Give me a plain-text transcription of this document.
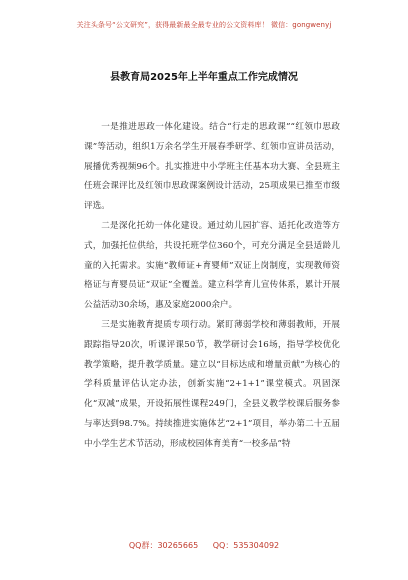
关注头条号“公文研究”，获得最新最全最专业的公文资料库！ 微信：gongwenyj
县教育局2025年上半年重点工作完成情况

一是推进思政一体化建设。结合“行走的思政课”“红领巾思政课”等活动，组织1万余名学生开展春季研学、红领巾宣讲员活动，展播优秀视频96个。扎实推进中小学班主任基本功大赛、全县班主任班会课评比及红领巾思政课案例设计活动，25项成果已推至市级评选。

二是深化托幼一体化建设。通过幼儿园扩容、适托化改造等方式，加强托位供给，共设托班学位360个，可充分满足全县适龄儿童的入托需求。实施“教师证+育婴师”双证上岗制度，实现教师资格证与育婴员证“双证”全覆盖。建立科学育儿宣传体系，累计开展公益活动30余场，惠及家庭2000余户。

三是实施教育提质专项行动。紧盯薄弱学校和薄弱教师，开展跟踪指导20次，听课评课50节，教学研讨会16场，指导学校优化教学策略，提升教学质量。建立以“目标达成和增量贡献”为核心的学科质量评估认定办法，创新实施“2+1+1”课堂模式。巩固深化“双减”成果，开设拓展性课程249门，全县义教学校课后服务参与率达到98.7%。持续推进实施体艺“2+1”项目，举办第二十五届中小学生艺术节活动，形成校园体育美育“一校多品”特

QQ群：30265665 QQ：535304092
